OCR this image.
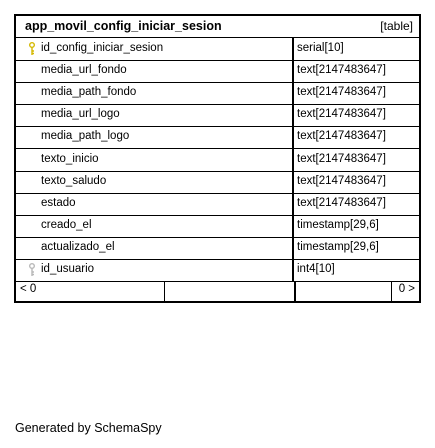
app_movil_config_iniciar_sesion	[table]
id_config_iniciar_sesion	serial[10]
media_url_fondo	text[2147483647]
media_path_fondo	text[2147483647]
media_url_logo	text[2147483647]
media_path_logo	text[2147483647]
texto_inicio	text[2147483647]
texto_saludo	text[2147483647]
estado	text[2147483647]
creado_el	timestamp[29,6]
actualizado_el	timestamp[29,6]
id_usuario	int4[10]
< 0	0 >
Generated by SchemaSpy
